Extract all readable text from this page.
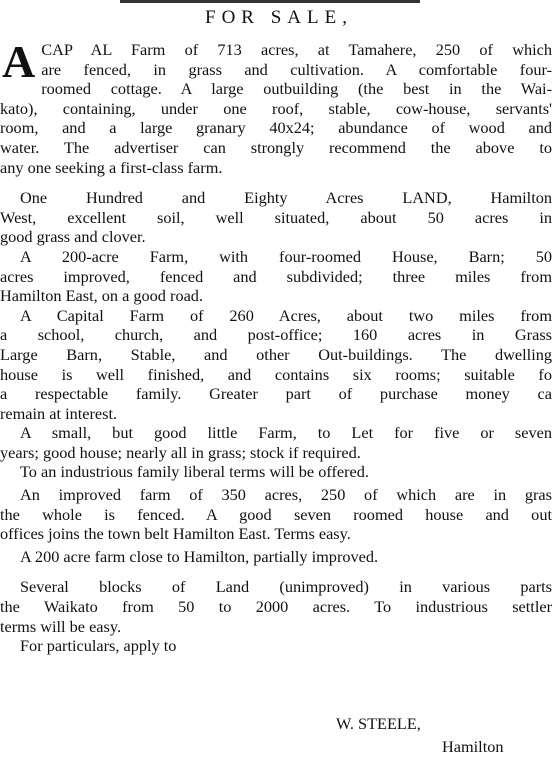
FOR SALE,
A CAP AL Farm of 713 acres, at Tamahere, 250 of which
are fenced, in grass and cultivation. A comfortable four-
roomed cottage. A large outbuilding (the best in the Wai-
kato), containing, under one roof, stable, cow-house, servants'
room, and a large granary 40x24; abundance of wood and
water. The advertiser can strongly recommend the above to
any one seeking a first-class farm.
One Hundred and Eighty Acres LAND, Hamilton
West, excellent soil, well situated, about 50 acres in
good grass and clover.
A 200-acre Farm, with four-roomed House, Barn; 50
acres improved, fenced and subdivided; three miles from
Hamilton East, on a good road.
A Capital Farm of 260 Acres, about two miles from
a school, church, and post-office; 160 acres in Grass
Large Barn, Stable, and other Out-buildings. The dwelling
house is well finished, and contains six rooms; suitable fo
a respectable family. Greater part of purchase money ca
remain at interest.
A small, but good little Farm, to Let for five or seven
years; good house; nearly all in grass; stock if required.
To an industrious family liberal terms will be offered.
An improved farm of 350 acres, 250 of which are in gras
the whole is fenced. A good seven roomed house and out
offices joins the town belt Hamilton East. Terms easy.
A 200 acre farm close to Hamilton, partially improved.
Several blocks of Land (unimproved) in various parts
the Waikato from 50 to 2000 acres. To industrious settler
terms will be easy.
For particulars, apply to
W. STEELE,
Hamilton
